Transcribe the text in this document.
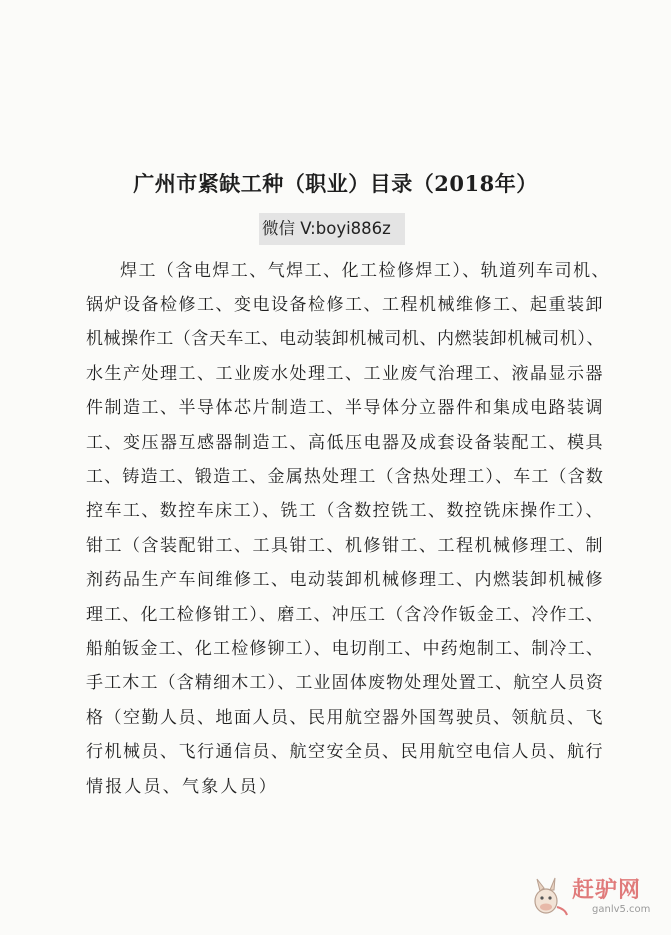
广州市紧缺工种（职业）目录（2018年）
微信 V:boyi886z
焊工（含电焊工、气焊工、化工检修焊工）、轨道列车司机、
锅炉设备检修工、变电设备检修工、工程机械维修工、起重装卸
机械操作工（含天车工、电动装卸机械司机、内燃装卸机械司机）、
水生产处理工、工业废水处理工、工业废气治理工、液晶显示器
件制造工、半导体芯片制造工、半导体分立器件和集成电路装调
工、变压器互感器制造工、高低压电器及成套设备装配工、模具
工、铸造工、锻造工、金属热处理工（含热处理工）、车工（含数
控车工、数控车床工）、铣工（含数控铣工、数控铣床操作工）、
钳工（含装配钳工、工具钳工、机修钳工、工程机械修理工、制
剂药品生产车间维修工、电动装卸机械修理工、内燃装卸机械修
理工、化工检修钳工）、磨工、冲压工（含冷作钣金工、冷作工、
船舶钣金工、化工检修铆工）、电切削工、中药炮制工、制冷工、
手工木工（含精细木工）、工业固体废物处理处置工、航空人员资
格（空勤人员、地面人员、民用航空器外国驾驶员、领航员、飞
行机械员、飞行通信员、航空安全员、民用航空电信人员、航行
情报人员、气象人员）
赶驴网
ganlv5.com
